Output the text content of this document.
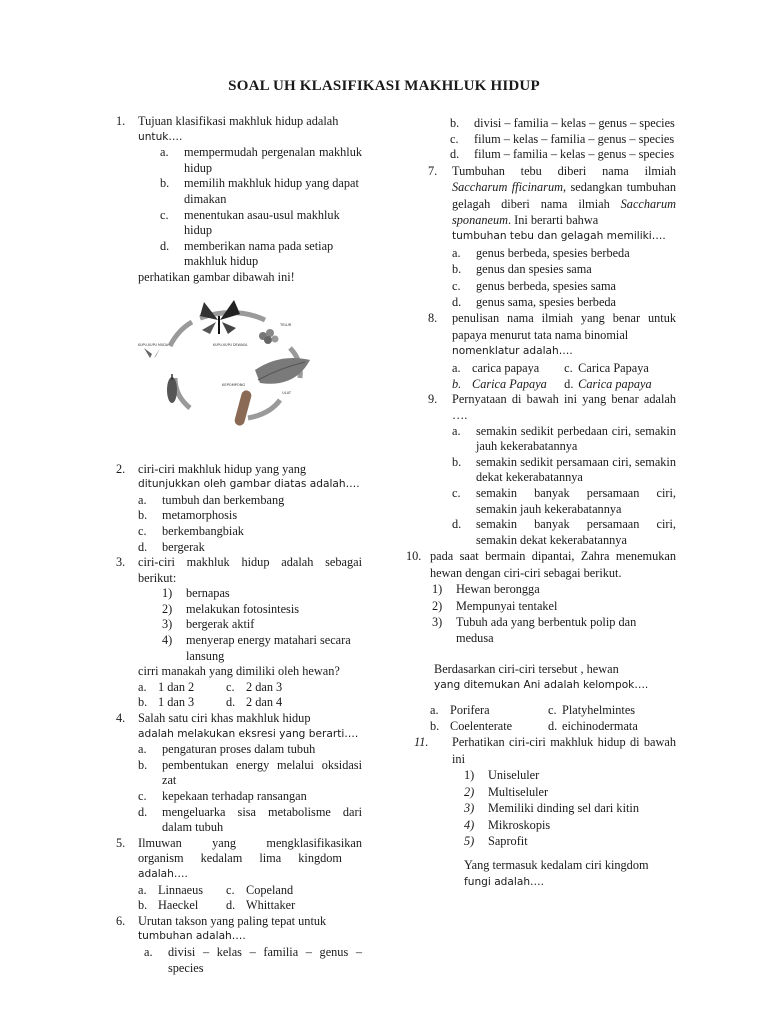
SOAL UH KLASIFIKASI MAKHLUK HIDUP
1. Tujuan klasifikasi makhluk hidup adalah
untuk….
a. mempermudah pergenalan makhluk hidup
b. memilih makhluk hidup yang dapat dimakan
c. menentukan asau-usul makhluk hidup
d. memberikan nama pada setiap makhluk hidup
perhatikan gambar dibawah ini!
TELUR
KUPU-KUPU DEWASA
KUPU-KUPU MUDA
KEPOMPONG
ULAT
2. ciri-ciri makhluk hidup yang yang
ditunjukkan oleh gambar diatas adalah….
a. tumbuh dan berkembang
b. metamorphosis
c. berkembangbiak
d. bergerak
3. ciri-ciri makhluk hidup adalah sebagai berikut:
1) bernapas
2) melakukan fotosintesis
3) bergerak aktif
4) menyerap energy matahari secara lansung
cirri manakah yang dimiliki oleh hewan?
a. 1 dan 2	c. 2 dan 3
b. 1 dan 3	d. 2 dan 4
4. Salah satu ciri khas makhluk hidup
adalah melakukan eksresi yang berarti….
a. pengaturan proses dalam tubuh
b. pembentukan energy melalui oksidasi zat
c. kepekaan terhadap ransangan
d. mengeluarka sisa metabolisme dari dalam tubuh
5. Ilmuwan yang mengklasifikasikan organism kedalam lima kingdom
adalah….
a. Linnaeus	c. Copeland
b. Haeckel	d. Whittaker
6. Urutan takson yang paling tepat untuk
tumbuhan adalah….
a. divisi – kelas – familia – genus – species
b. divisi – familia – kelas – genus – species
c. filum – kelas – familia – genus – species
d. filum – familia – kelas – genus – species
7. Tumbuhan tebu diberi nama ilmiah Saccharum fficinarum, sedangkan tumbuhan gelagah diberi nama ilmiah Saccharum sponaneum. Ini berarti bahwa
tumbuhan tebu dan gelagah memiliki….
a. genus berbeda, spesies berbeda
b. genus dan spesies sama
c. genus berbeda, spesies sama
d. genus sama, spesies berbeda
8. penulisan nama ilmiah yang benar untuk papaya menurut tata nama binomial
nomenklatur adalah….
a. carica papaya	c. Carica Papaya
b. Carica Papaya	d. Carica papaya
9. Pernyataan di bawah ini yang benar adalah ….
a. semakin sedikit perbedaan ciri, semakin jauh kekerabatannya
b. semakin sedikit persamaan ciri, semakin dekat kekerabatannya
c. semakin banyak persamaan ciri, semakin jauh kekerabatannya
d. semakin banyak persamaan ciri, semakin dekat kekerabatannya
10. pada saat bermain dipantai, Zahra menemukan hewan dengan ciri-ciri sebagai berikut.
1) Hewan berongga
2) Mempunyai tentakel
3) Tubuh ada yang berbentuk polip dan medusa
Berdasarkan ciri-ciri tersebut , hewan
yang ditemukan Ani adalah kelompok….
a. Porifera	c. Platyhelmintes
b. Coelenterate	d. eichinodermata
11. Perhatikan ciri-ciri makhluk hidup di bawah ini
1) Uniseluler
2) Multiseluler
3) Memiliki dinding sel dari kitin
4) Mikroskopis
5) Saprofit
Yang termasuk kedalam ciri kingdom
fungi adalah….
